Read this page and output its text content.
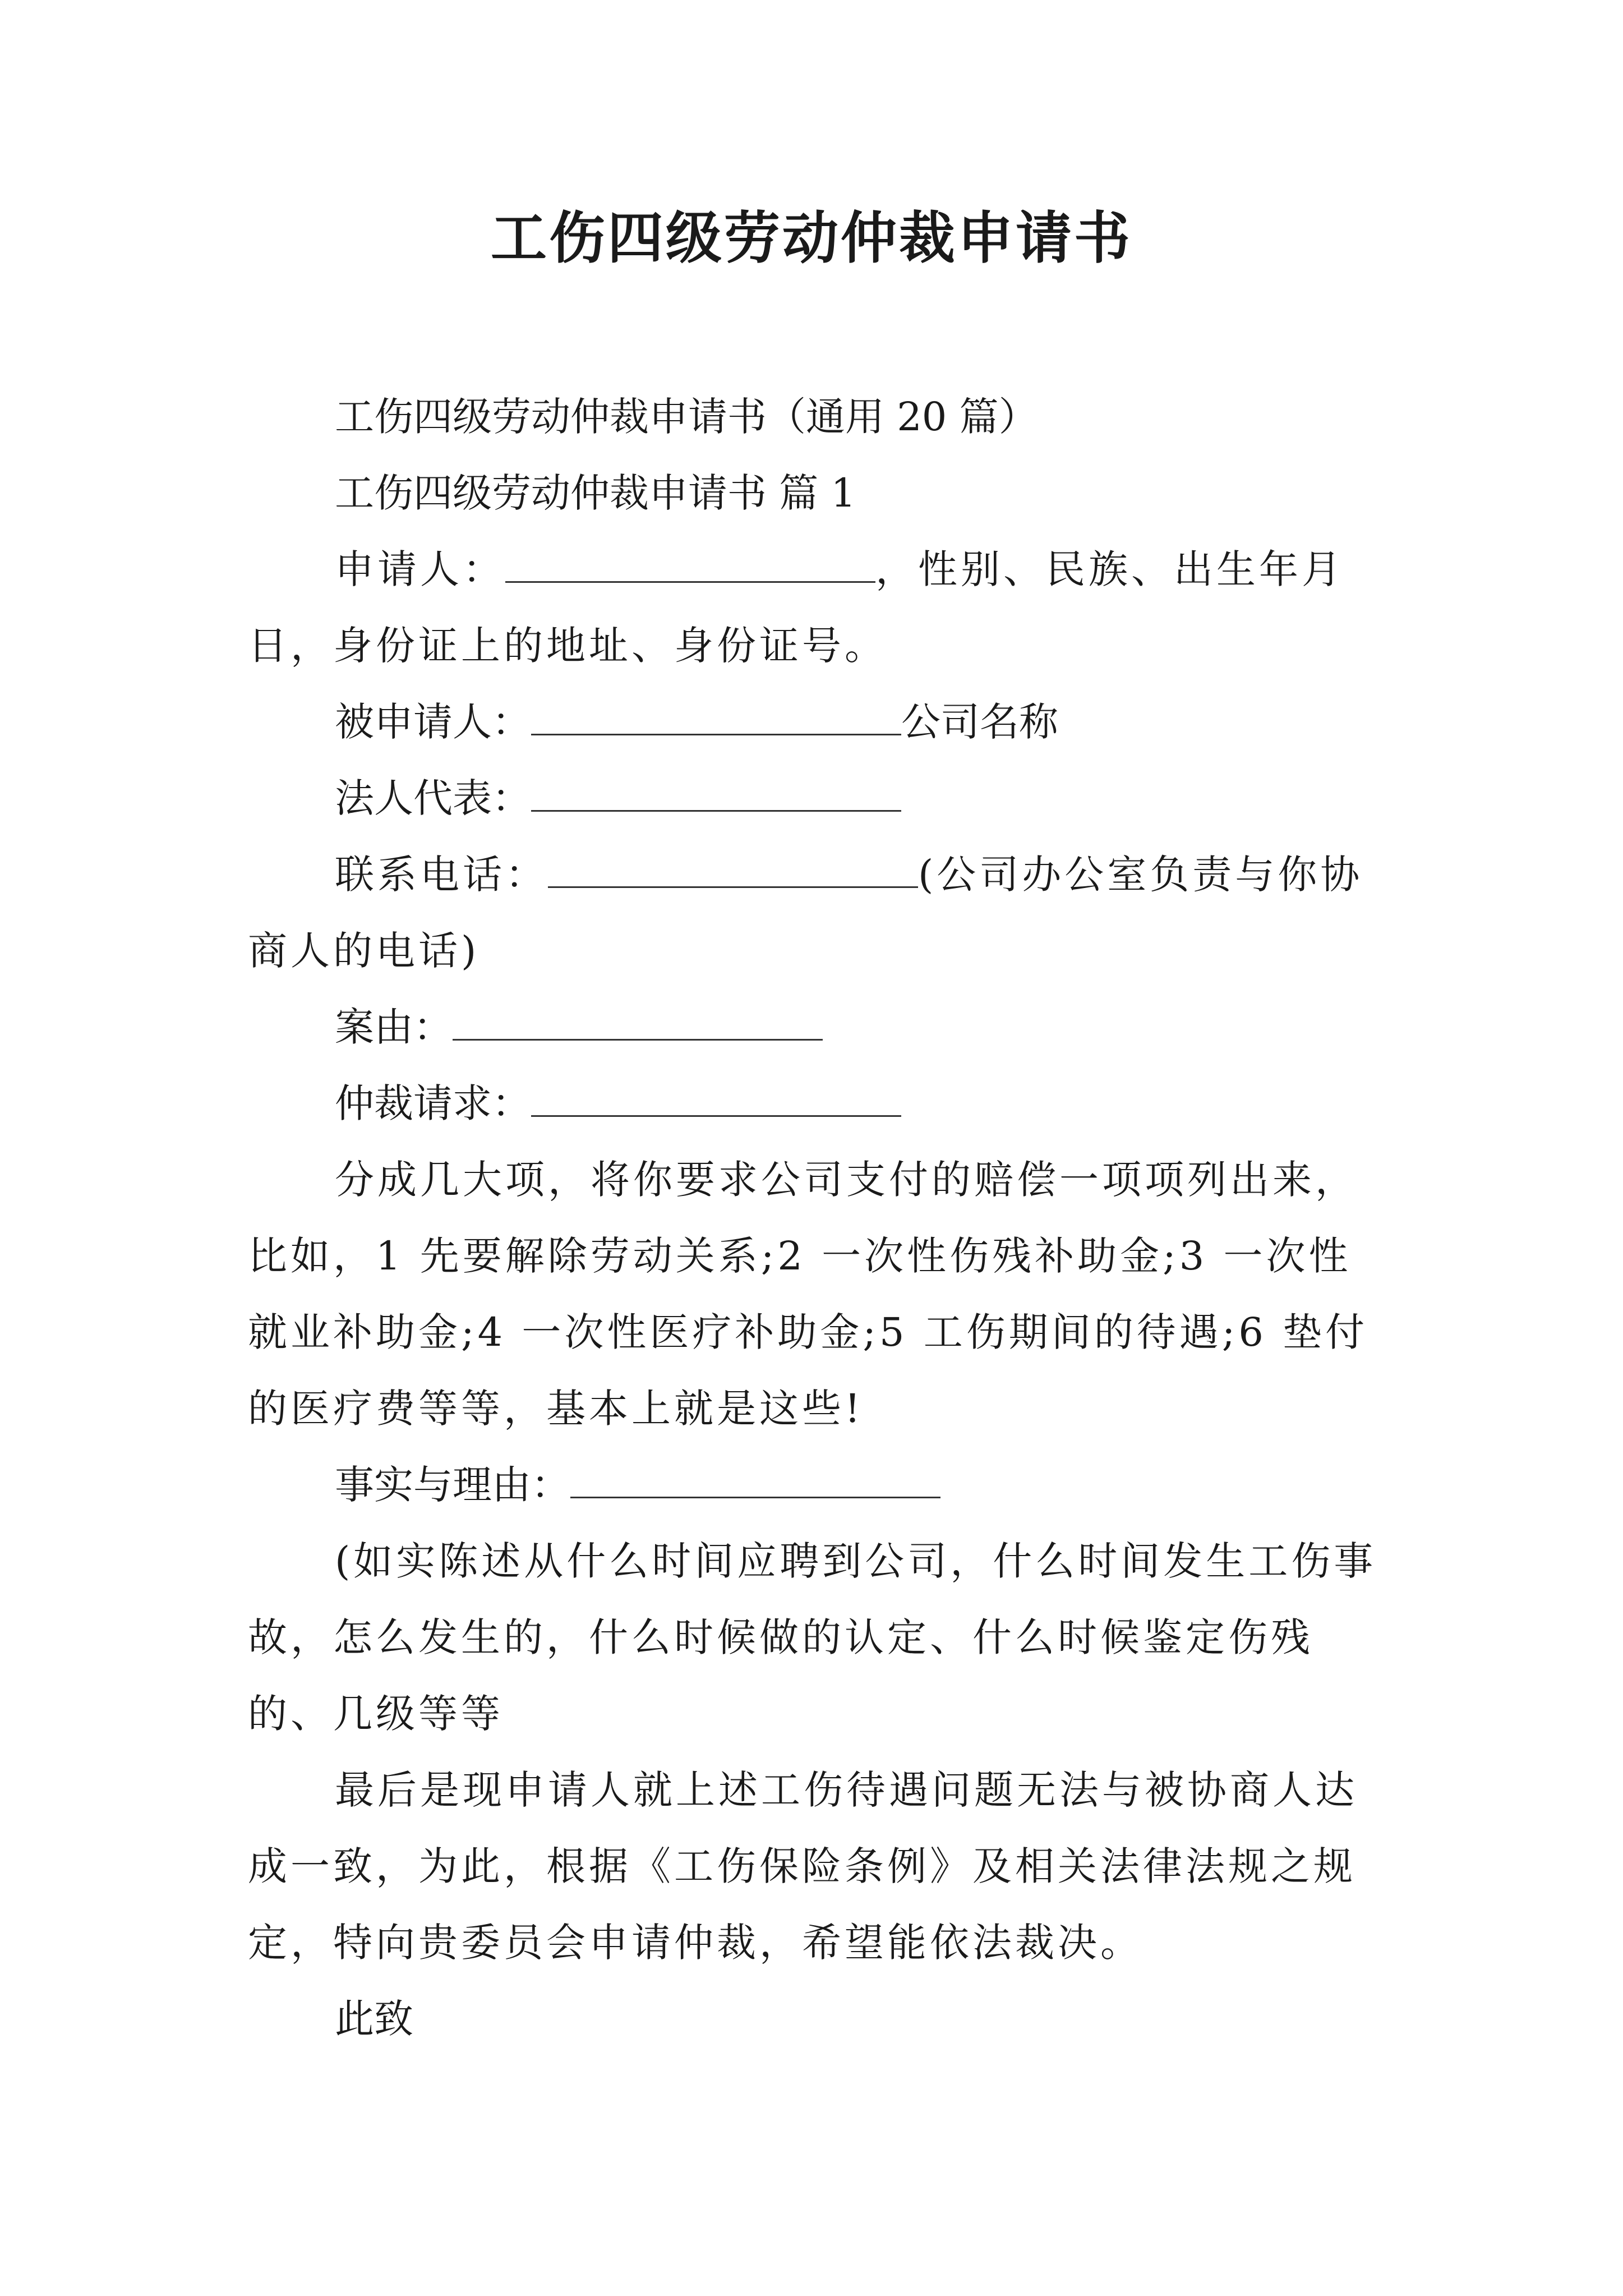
工伤四级劳动仲裁申请书

工伤四级劳动仲裁申请书（通用 20 篇）

工伤四级劳动仲裁申请书 篇 1

申请人：	，性别、民族、出生年月日，身份证上的地址、身份证号。

被申请人：	公司名称

法人代表：

联系电话：	(公司办公室负责与你协商人的电话)

案由：

仲裁请求：

分成几大项，将你要求公司支付的赔偿一项项列出来，比如，1 先要解除劳动关系;2 一次性伤残补助金;3 一次性就业补助金;4 一次性医疗补助金;5 工伤期间的待遇;6 垫付的医疗费等等，基本上就是这些!

事实与理由：

(如实陈述从什么时间应聘到公司，什么时间发生工伤事故，怎么发生的，什么时候做的认定、什么时候鉴定伤残的、几级等等

最后是现申请人就上述工伤待遇问题无法与被协商人达成一致，为此，根据《工伤保险条例》及相关法律法规之规定，特向贵委员会申请仲裁，希望能依法裁决。

此致
